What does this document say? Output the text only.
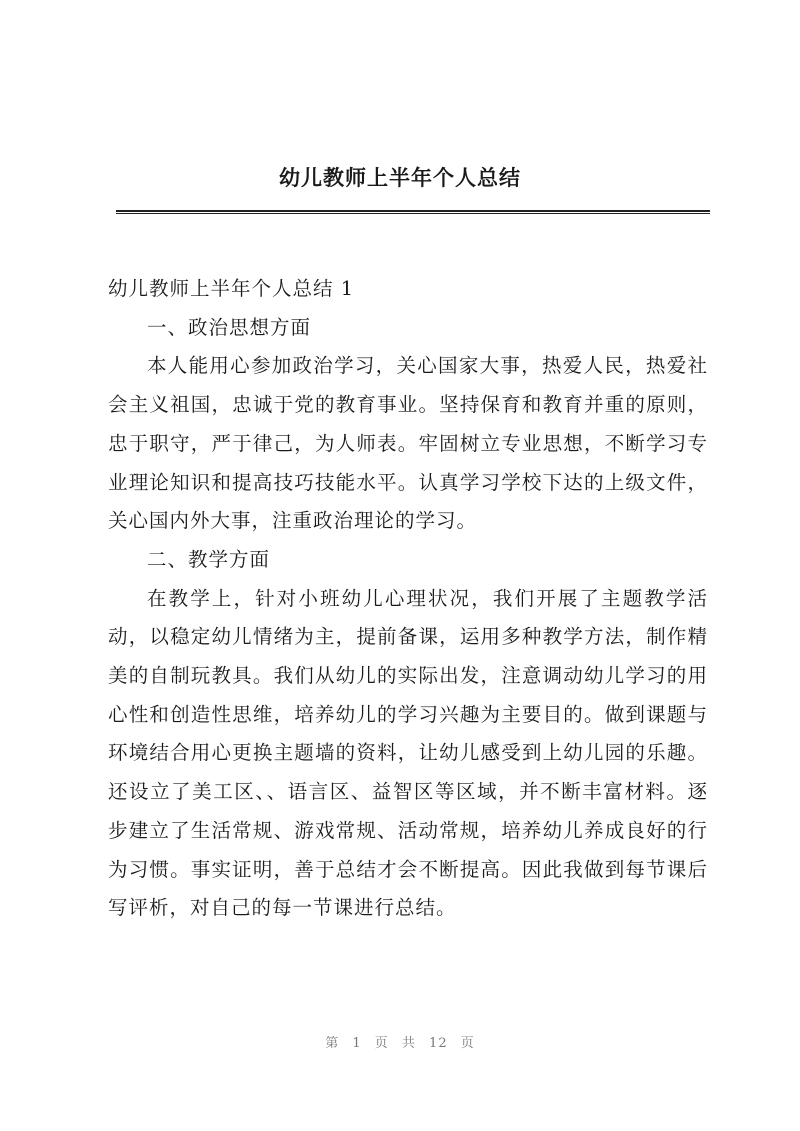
幼儿教师上半年个人总结

幼儿教师上半年个人总结 1

一、政治思想方面

本人能用心参加政治学习，关心国家大事，热爱人民，热爱社会主义祖国，忠诚于党的教育事业。坚持保育和教育并重的原则，忠于职守，严于律己，为人师表。牢固树立专业思想，不断学习专业理论知识和提高技巧技能水平。认真学习学校下达的上级文件，关心国内外大事，注重政治理论的学习。

二、教学方面

在教学上，针对小班幼儿心理状况，我们开展了主题教学活动，以稳定幼儿情绪为主，提前备课，运用多种教学方法，制作精美的自制玩教具。我们从幼儿的实际出发，注意调动幼儿学习的用心性和创造性思维，培养幼儿的学习兴趣为主要目的。做到课题与环境结合用心更换主题墙的资料，让幼儿感受到上幼儿园的乐趣。还设立了美工区、、语言区、益智区等区域，并不断丰富材料。逐步建立了生活常规、游戏常规、活动常规，培养幼儿养成良好的行为习惯。事实证明，善于总结才会不断提高。因此我做到每节课后写评析，对自己的每一节课进行总结。

第 1 页 共 12 页
